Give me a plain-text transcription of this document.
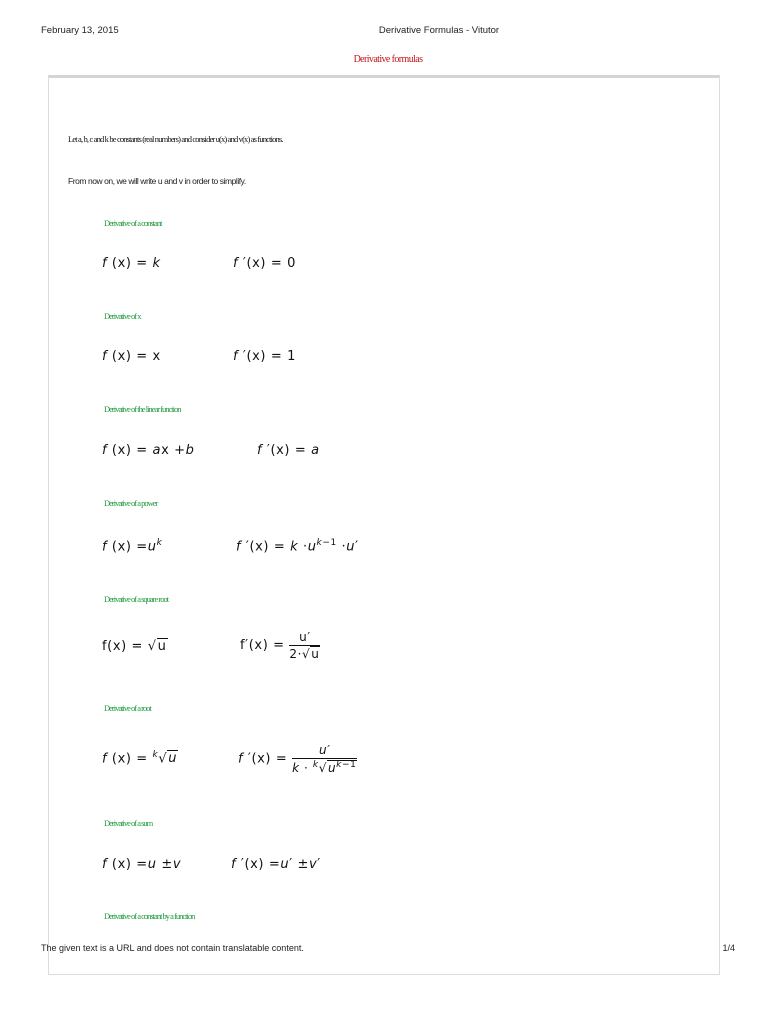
February 13, 2015	Derivative Formulas - Vitutor
Derivative formulas
Let a, b, c and k be constants (real numbers) and consider u(x) and v(x) as functions.
From now on, we will write u and v in order to simplify.
Derivative of a constant
f (x) = k	f ′(x) = 0
Derivative of x
f (x) = x	f ′(x) = 1
Derivative of the linear function
f (x) = ax +b	f ′(x) = a
Derivative of a power
f $(x) =u^k$	f $'(x) = k \cdot u^{k-1} \cdot u'$
Derivative of a square root
f(x) = √u	$f'(x) = \frac{u'}{2\cdot√u}$
Derivative of a root
f (x) = $^k$√u	f $'(x) = \frac{u'}{k \cdot ^k√u^{k-1}}$
Derivative of a sum
f (x) =u ±v	f ′(x) =u′ ±v′
Derivative of a constant by a function
The given text is a URL and does not contain translatable content.	1/4
